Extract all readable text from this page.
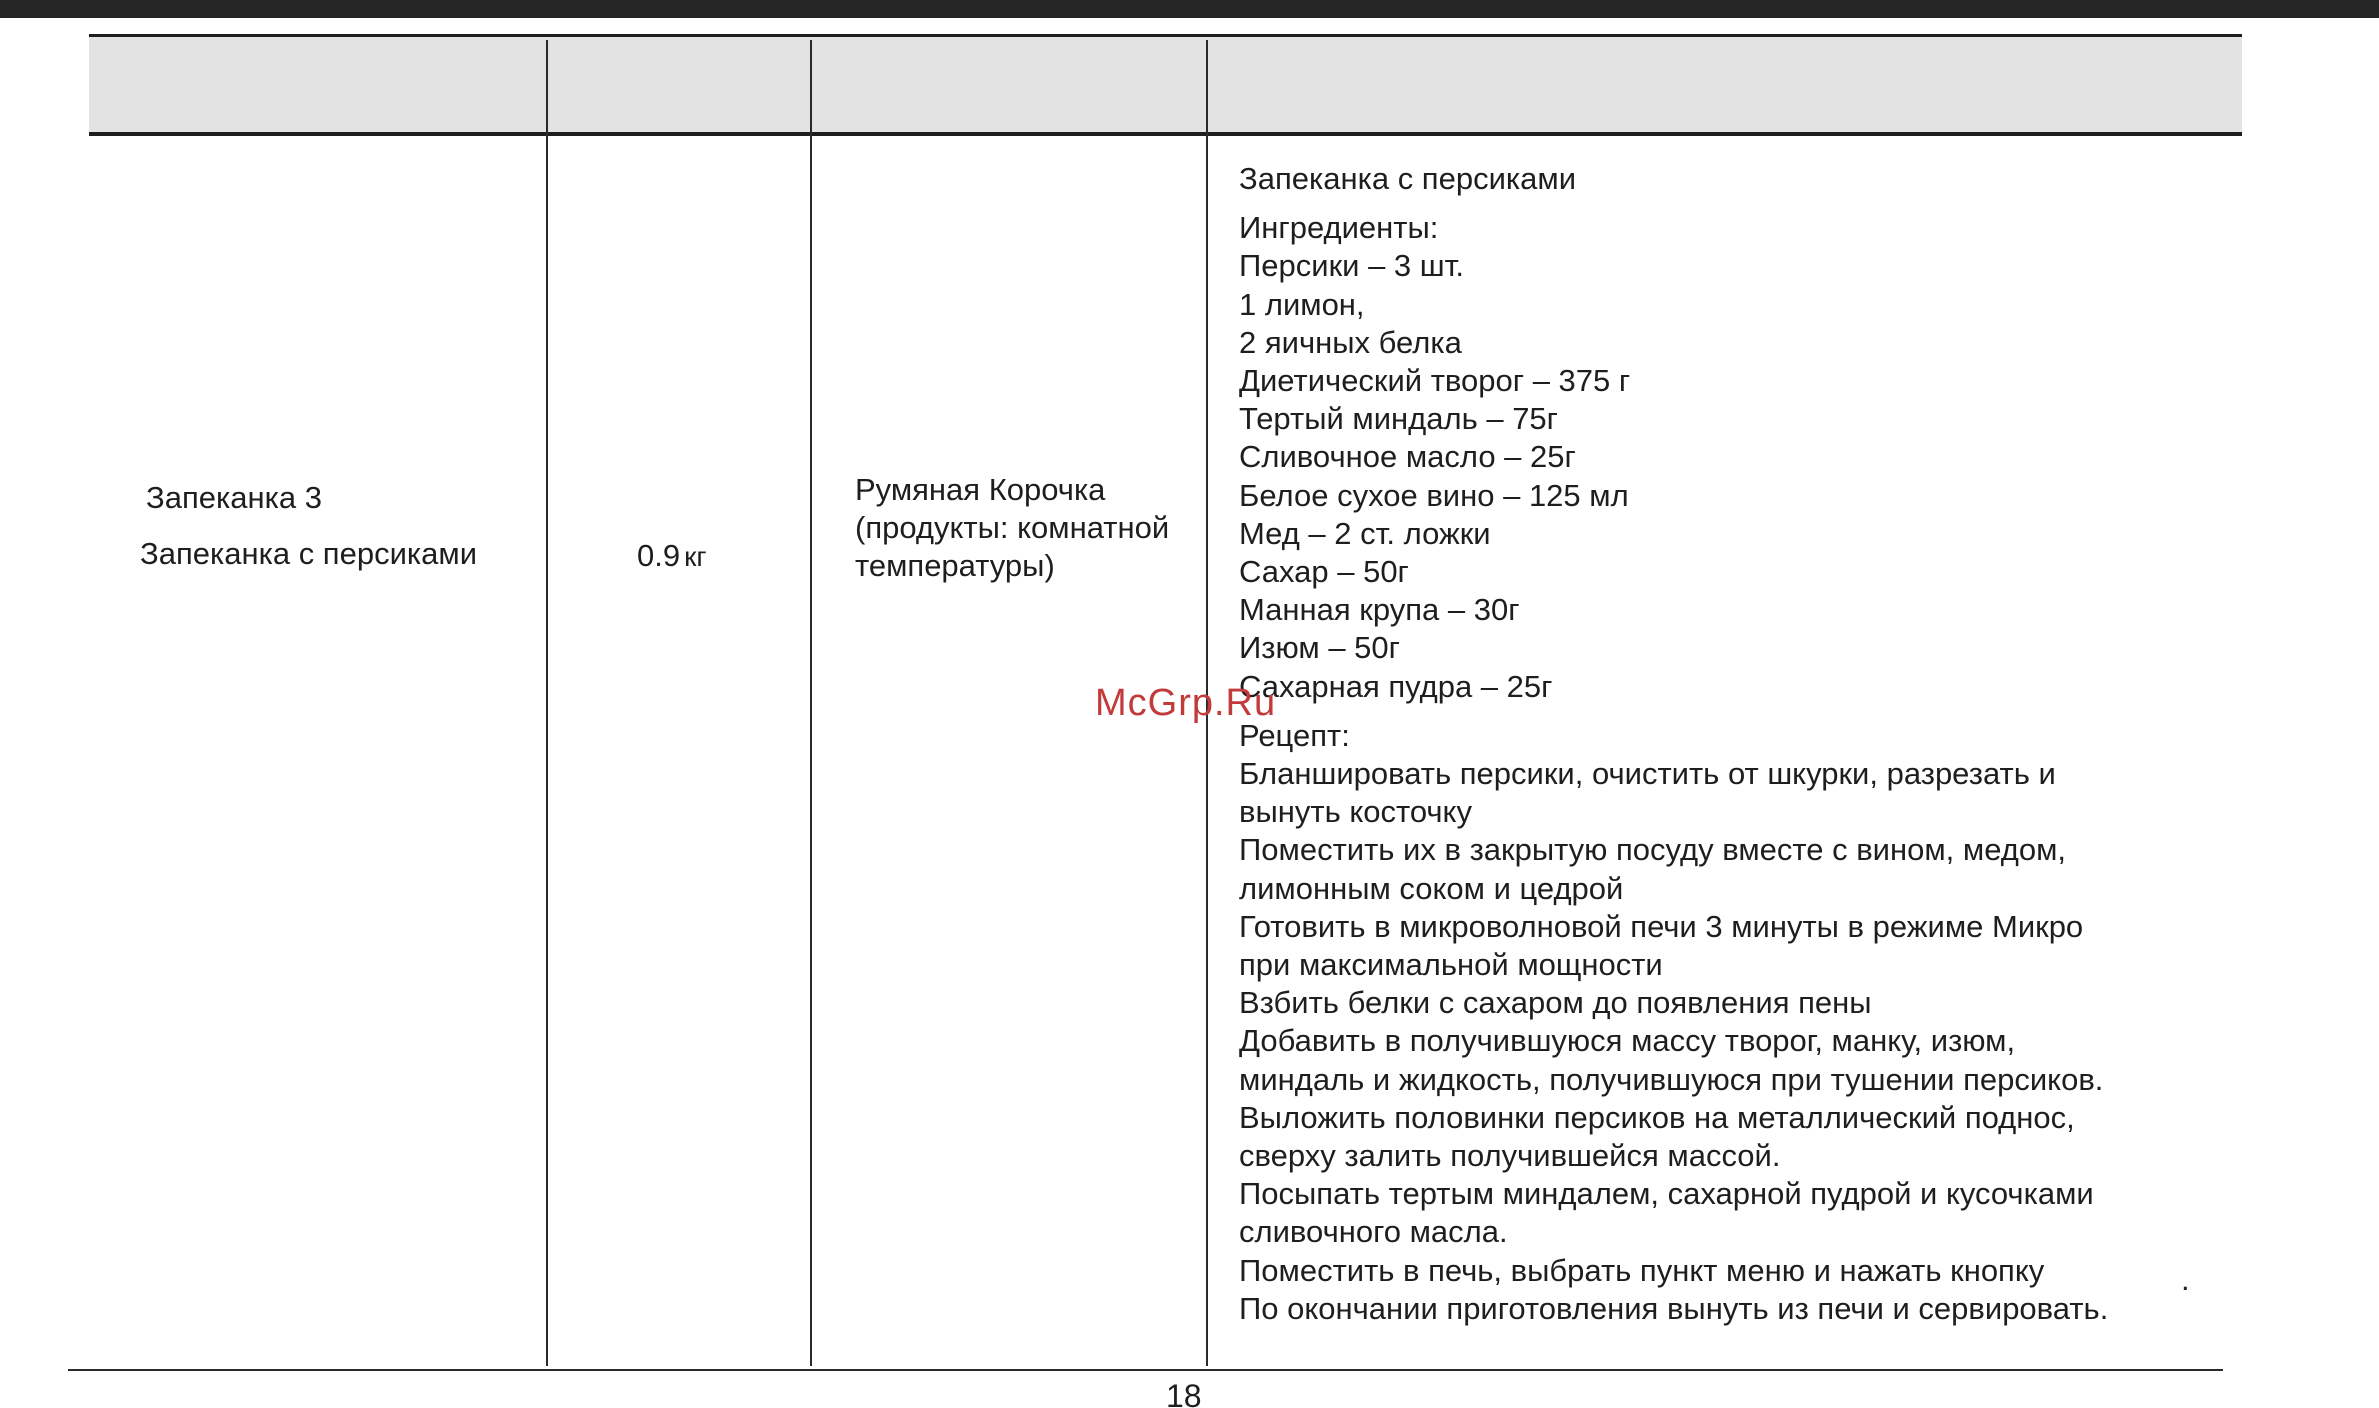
Запеканка 3
Запеканка с персиками	0.9 кг
Румяная Корочка
(продукты: комнатной
температуры)
Запеканка с персиками
Ингредиенты:
Персики – 3 шт.
1 лимон,
2 яичных белка
Диетический творог – 375 г
Тертый миндаль – 75г
Сливочное масло – 25г
Белое сухое вино – 125 мл
Мед – 2 ст. ложки
Сахар – 50г
Манная крупа – 30г
Изюм – 50г
Сахарная пудра – 25г
Рецепт:
Бланшировать персики, очистить от шкурки, разрезать и
вынуть косточку
Поместить их в закрытую посуду вместе с вином, медом,
лимонным соком и цедрой
Готовить в микроволновой печи 3 минуты в режиме Микро
при максимальной мощности
Взбить белки с сахаром до появления пены
Добавить в получившуюся массу творог, манку, изюм,
миндаль и жидкость, получившуюся при тушении персиков.
Выложить половинки персиков на металлический поднос,
сверху залить получившейся массой.
Посыпать тертым миндалем, сахарной пудрой и кусочками
сливочного масла.
Поместить в печь, выбрать пункт меню и нажать кнопку
По окончании приготовления вынуть из печи и сервировать.
.
McGrp.Ru
18
